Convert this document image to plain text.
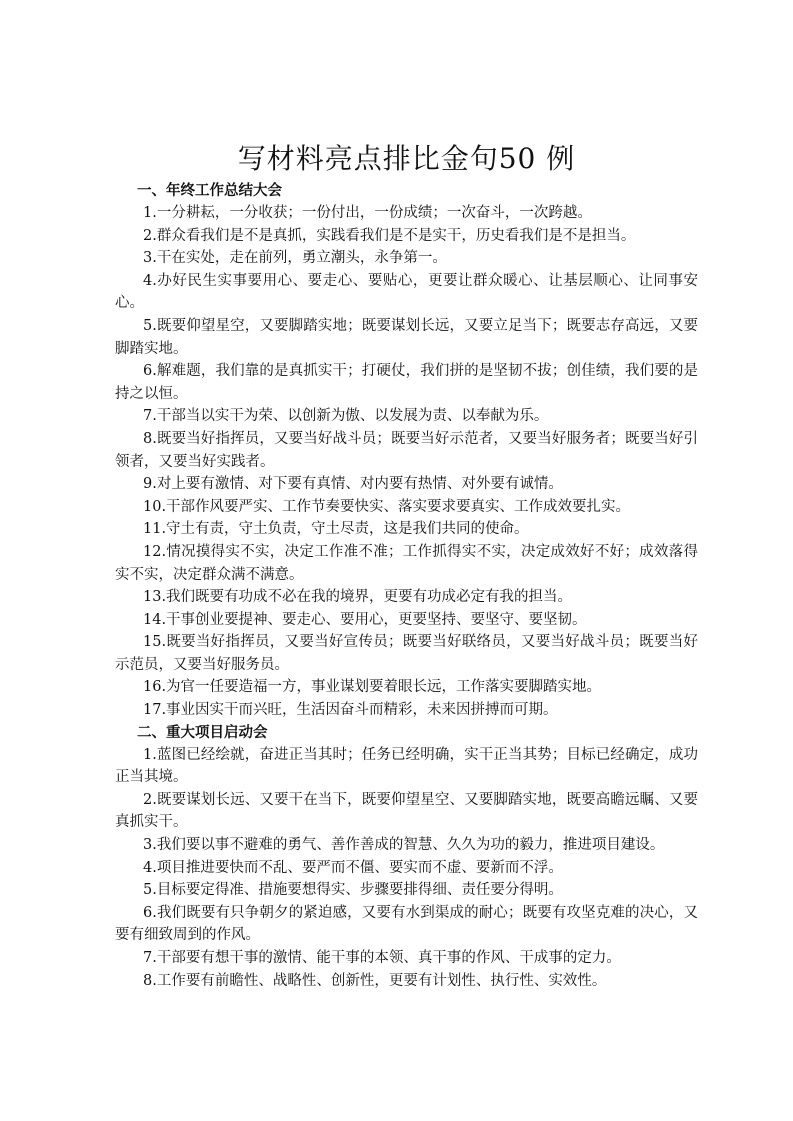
写材料亮点排比金句50 例

一、年终工作总结大会

1.一分耕耘，一分收获；一份付出，一份成绩；一次奋斗，一次跨越。

2.群众看我们是不是真抓，实践看我们是不是实干，历史看我们是不是担当。

3.干在实处，走在前列，勇立潮头，永争第一。

4.办好民生实事要用心、要走心、要贴心，更要让群众暖心、让基层顺心、让同事安心。

5.既要仰望星空，又要脚踏实地；既要谋划长远，又要立足当下；既要志存高远，又要脚踏实地。

6.解难题，我们靠的是真抓实干；打硬仗，我们拼的是坚韧不拔；创佳绩，我们要的是持之以恒。

7.干部当以实干为荣、以创新为傲、以发展为责、以奉献为乐。

8.既要当好指挥员，又要当好战斗员；既要当好示范者，又要当好服务者；既要当好引领者，又要当好实践者。

9.对上要有激情、对下要有真情、对内要有热情、对外要有诚情。

10.干部作风要严实、工作节奏要快实、落实要求要真实、工作成效要扎实。

11.守土有责，守土负责，守土尽责，这是我们共同的使命。

12.情况摸得实不实，决定工作准不准；工作抓得实不实，决定成效好不好；成效落得实不实，决定群众满不满意。

13.我们既要有功成不必在我的境界，更要有功成必定有我的担当。

14.干事创业要提神、要走心、要用心，更要坚持、要坚守、要坚韧。

15.既要当好指挥员，又要当好宣传员；既要当好联络员，又要当好战斗员；既要当好示范员，又要当好服务员。

16.为官一任要造福一方，事业谋划要着眼长远，工作落实要脚踏实地。

17.事业因实干而兴旺，生活因奋斗而精彩，未来因拼搏而可期。

二、重大项目启动会

1.蓝图已经绘就，奋进正当其时；任务已经明确，实干正当其势；目标已经确定，成功正当其境。

2.既要谋划长远、又要干在当下，既要仰望星空、又要脚踏实地，既要高瞻远瞩、又要真抓实干。

3.我们要以事不避难的勇气、善作善成的智慧、久久为功的毅力，推进项目建设。

4.项目推进要快而不乱、要严而不僵、要实而不虚、要新而不浮。

5.目标要定得准、措施要想得实、步骤要排得细、责任要分得明。

6.我们既要有只争朝夕的紧迫感，又要有水到渠成的耐心；既要有攻坚克难的决心，又要有细致周到的作风。

7.干部要有想干事的激情、能干事的本领、真干事的作风、干成事的定力。

8.工作要有前瞻性、战略性、创新性，更要有计划性、执行性、实效性。
